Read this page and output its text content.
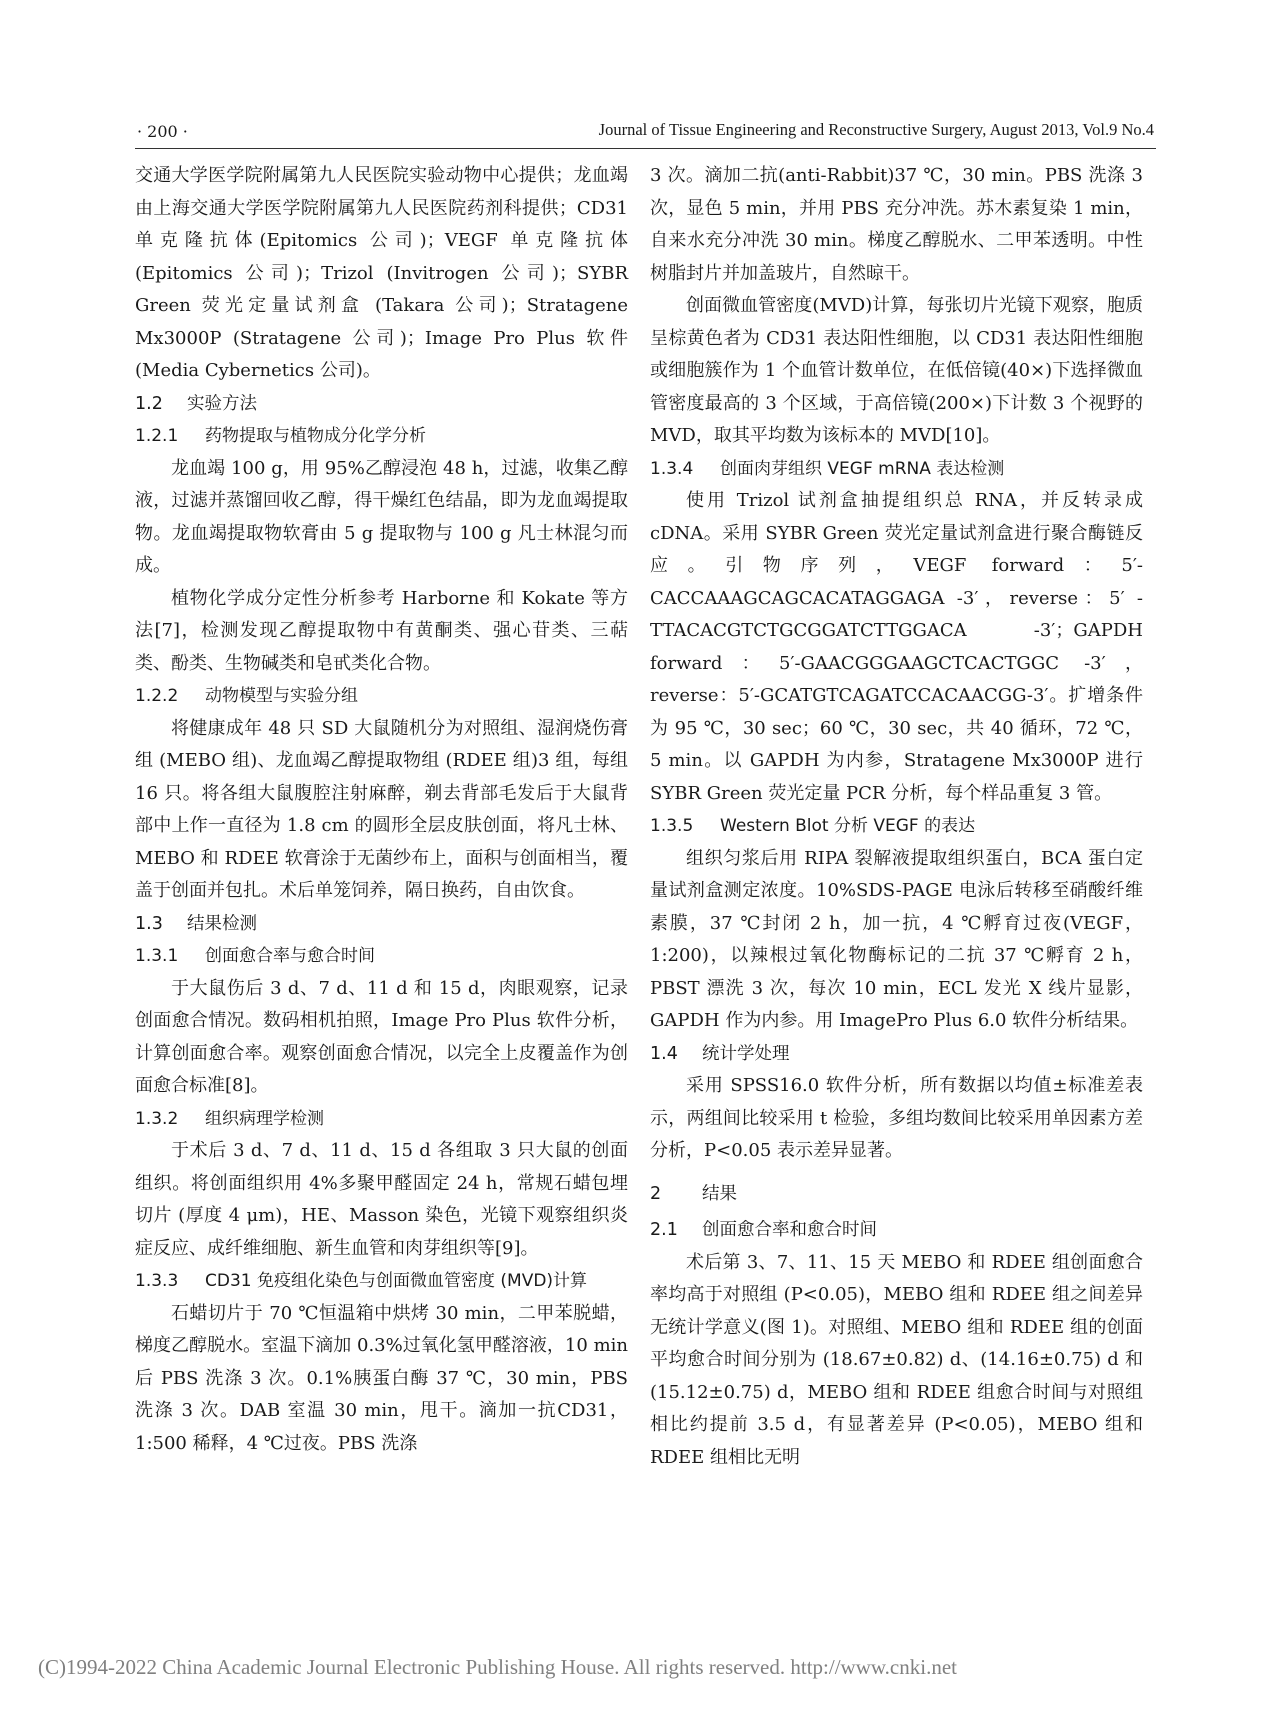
· 200 ·	Journal of Tissue Engineering and Reconstructive Surgery, August 2013, Vol.9 No.4
交通大学医学院附属第九人民医院实验动物中心提供；龙血竭由上海交通大学医学院附属第九人民医院药剂科提供；CD31 单克隆抗体(Epitomics 公司)；VEGF 单克隆抗体 (Epitomics 公司)；Trizol (Invitrogen 公司)；SYBR Green 荧光定量试剂盒 (Takara 公司)；Stratagene Mx3000P (Stratagene 公司)；Image Pro Plus 软件(Media Cybernetics 公司)。
1.2 实验方法
1.2.1 药物提取与植物成分化学分析
龙血竭 100 g，用 95%乙醇浸泡 48 h，过滤，收集乙醇液，过滤并蒸馏回收乙醇，得干燥红色结晶，即为龙血竭提取物。龙血竭提取物软膏由 5 g 提取物与 100 g 凡士林混匀而成。
植物化学成分定性分析参考 Harborne 和 Kokate 等方法[7]，检测发现乙醇提取物中有黄酮类、强心苷类、三萜类、酚类、生物碱类和皂甙类化合物。
1.2.2 动物模型与实验分组
将健康成年 48 只 SD 大鼠随机分为对照组、湿润烧伤膏组 (MEBO 组)、龙血竭乙醇提取物组 (RDEE 组)3 组，每组 16 只。将各组大鼠腹腔注射麻醉，剃去背部毛发后于大鼠背部中上作一直径为 1.8 cm 的圆形全层皮肤创面，将凡士林、MEBO 和 RDEE 软膏涂于无菌纱布上，面积与创面相当，覆盖于创面并包扎。术后单笼饲养，隔日换药，自由饮食。
1.3 结果检测
1.3.1 创面愈合率与愈合时间
于大鼠伤后 3 d、7 d、11 d 和 15 d，肉眼观察，记录创面愈合情况。数码相机拍照，Image Pro Plus 软件分析，计算创面愈合率。观察创面愈合情况，以完全上皮覆盖作为创面愈合标准[8]。
1.3.2 组织病理学检测
于术后 3 d、7 d、11 d、15 d 各组取 3 只大鼠的创面组织。将创面组织用 4%多聚甲醛固定 24 h，常规石蜡包埋切片 (厚度 4 μm)，HE、Masson 染色，光镜下观察组织炎症反应、成纤维细胞、新生血管和肉芽组织等[9]。
1.3.3 CD31 免疫组化染色与创面微血管密度 (MVD)计算
石蜡切片于 70 ℃恒温箱中烘烤 30 min，二甲苯脱蜡，梯度乙醇脱水。室温下滴加 0.3%过氧化氢甲醛溶液，10 min 后 PBS 洗涤 3 次。0.1%胰蛋白酶 37 ℃，30 min，PBS 洗涤 3 次。DAB 室温 30 min，甩干。滴加一抗CD31，1:500 稀释，4 ℃过夜。PBS 洗涤
3 次。滴加二抗(anti-Rabbit)37 ℃，30 min。PBS 洗涤 3 次，显色 5 min，并用 PBS 充分冲洗。苏木素复染 1 min，自来水充分冲洗 30 min。梯度乙醇脱水、二甲苯透明。中性树脂封片并加盖玻片，自然晾干。
创面微血管密度(MVD)计算，每张切片光镜下观察，胞质呈棕黄色者为 CD31 表达阳性细胞，以 CD31 表达阳性细胞或细胞簇作为 1 个血管计数单位，在低倍镜(40×)下选择微血管密度最高的 3 个区域，于高倍镜(200×)下计数 3 个视野的 MVD，取其平均数为该标本的 MVD[10]。
1.3.4 创面肉芽组织 VEGF mRNA 表达检测
使用 Trizol 试剂盒抽提组织总 RNA，并反转录成cDNA。采用 SYBR Green 荧光定量试剂盒进行聚合酶链反应。引物序列，VEGF forward：5′-CACCAAAGCAGCACATAGGAGA -3′，reverse：5′ -TTACACGTCTGCGGATCTTGGACA -3′；GAPDH forward：5′-GAACGGGAAGCTCACTGGC -3′，reverse：5′-GCATGTCAGATCCACAACGG-3′。扩增条件为 95 ℃，30 sec；60 ℃，30 sec，共 40 循环，72 ℃，5 min。以 GAPDH 为内参，Stratagene Mx3000P 进行 SYBR Green 荧光定量 PCR 分析，每个样品重复 3 管。
1.3.5 Western Blot 分析 VEGF 的表达
组织匀浆后用 RIPA 裂解液提取组织蛋白，BCA 蛋白定量试剂盒测定浓度。10%SDS-PAGE 电泳后转移至硝酸纤维素膜，37 ℃封闭 2 h，加一抗，4 ℃孵育过夜(VEGF，1:200)，以辣根过氧化物酶标记的二抗 37 ℃孵育 2 h，PBST 漂洗 3 次，每次 10 min，ECL 发光 X 线片显影，GAPDH 作为内参。用 ImagePro Plus 6.0 软件分析结果。
1.4 统计学处理
采用 SPSS16.0 软件分析，所有数据以均值±标准差表示，两组间比较采用 t 检验，多组均数间比较采用单因素方差分析，P<0.05 表示差异显著。
2 结果
2.1 创面愈合率和愈合时间
术后第 3、7、11、15 天 MEBO 和 RDEE 组创面愈合率均高于对照组 (P<0.05)，MEBO 组和 RDEE 组之间差异无统计学意义(图 1)。对照组、MEBO 组和 RDEE 组的创面平均愈合时间分别为 (18.67±0.82) d、(14.16±0.75) d 和(15.12±0.75) d，MEBO 组和 RDEE 组愈合时间与对照组相比约提前 3.5 d，有显著差异 (P<0.05)，MEBO 组和 RDEE 组相比无明
(C)1994-2022 China Academic Journal Electronic Publishing House. All rights reserved. http://www.cnki.net
